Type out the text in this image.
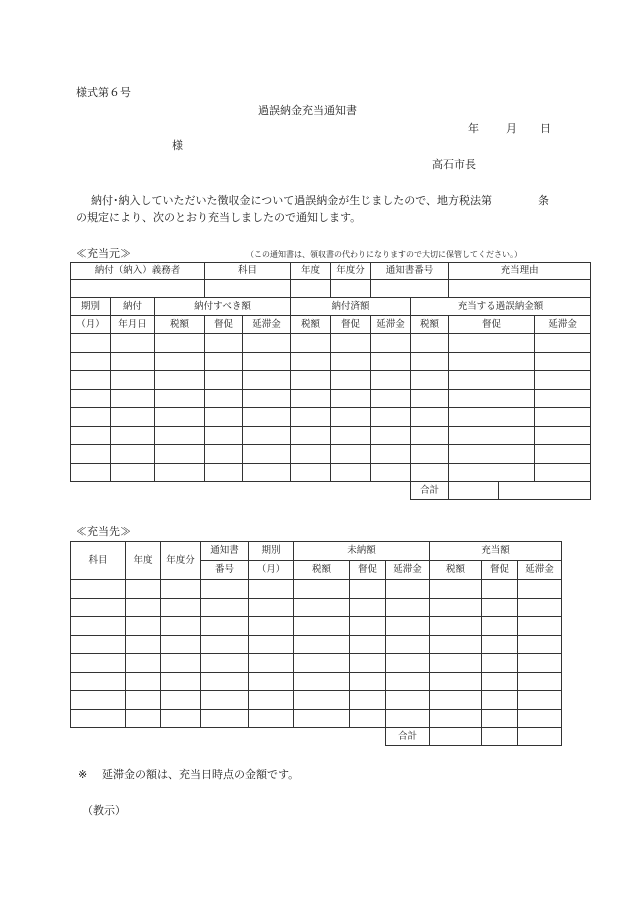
様式第６号
過誤納金充当通知書
年 月 日
様
高石市長
納付･納入していただいた徴収金について過誤納金が生じましたので、地方税法第	条
の規定により、次のとおり充当しましたので通知します。
≪充当元≫	（この通知書は、領収書の代わりになりますので大切に保管してください。）
納付（納入）義務者			科目		年度	年度分	通知書番号		充当理由			

期別	納付	納付すべき額			納付済額			充当する過誤納金額				
（月）	年月日	税額	督促	延滞金	税額	督促	延滞金	税額	督促		延滞金	

								合計				
≪充当先≫
科目	年度	年度分	通知書	期別	未納額			充当額		
			番号	（月）	税額	督促	延滞金	税額	督促	延滞金

							合計			
※ 延滞金の額は、充当日時点の金額です。
（教示）
